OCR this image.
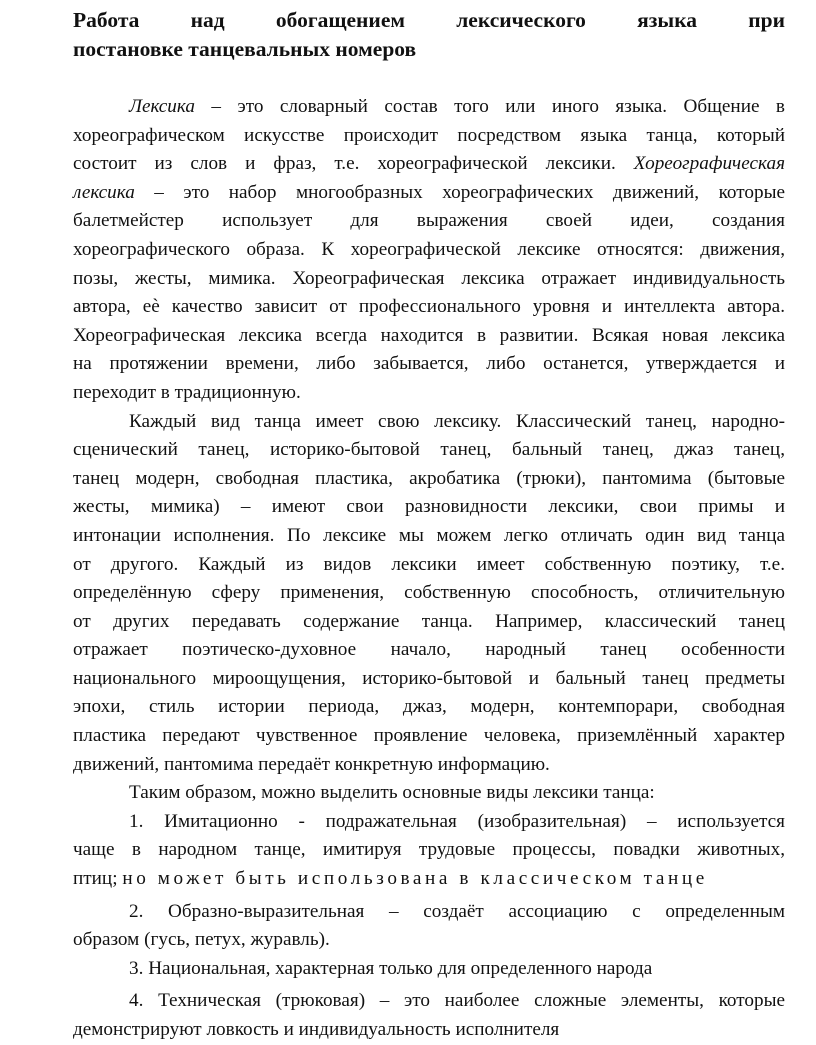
Работа над обогащением лексического языка при
постановке танцевальных номеров
Лексика – это словарный состав того или иного языка. Общение в
хореографическом искусстве происходит посредством языка танца, который
состоит из слов и фраз, т.е. хореографической лексики. Хореографическая
лексика – это набор многообразных хореографических движений, которые
балетмейстер использует для выражения своей идеи, создания
хореографического образа. К хореографической лексике относятся: движения,
позы, жесты, мимика. Хореографическая лексика отражает индивидуальность
автора, еѐ качество зависит от профессионального уровня и интеллекта автора.
Хореографическая лексика всегда находится в развитии. Всякая новая лексика
на протяжении времени, либо забывается, либо останется, утверждается и
переходит в традиционную.
Каждый вид танца имеет свою лексику. Классический танец, народно-
сценический танец, историко-бытовой танец, бальный танец, джаз танец,
танец модерн, свободная пластика, акробатика (трюки), пантомима (бытовые
жесты, мимика) – имеют свои разновидности лексики, свои примы и
интонации исполнения. По лексике мы можем легко отличать один вид танца
от другого. Каждый из видов лексики имеет собственную поэтику, т.е.
определённую сферу применения, собственную способность, отличительную
от других передавать содержание танца. Например, классический танец
отражает поэтическо-духовное начало, народный танец особенности
национального мироощущения, историко-бытовой и бальный танец предметы
эпохи, стиль истории периода, джаз, модерн, контемпорари, свободная
пластика передают чувственное проявление человека, приземлённый характер
движений, пантомима передаёт конкретную информацию.
Таким образом, можно выделить основные виды лексики танца:
1. Имитационно - подражательная (изобразительная) – используется
чаще в народном танце, имитируя трудовые процессы, повадки животных,
птиц; но может быть использована в классическом танце
2. Образно-выразительная – создаёт ассоциацию с определенным
образом (гусь, петух, журавль).
3. Национальная, характерная только для определенного народа
4. Техническая (трюковая) – это наиболее сложные элементы, которые
демонстрируют ловкость и индивидуальность исполнителя
